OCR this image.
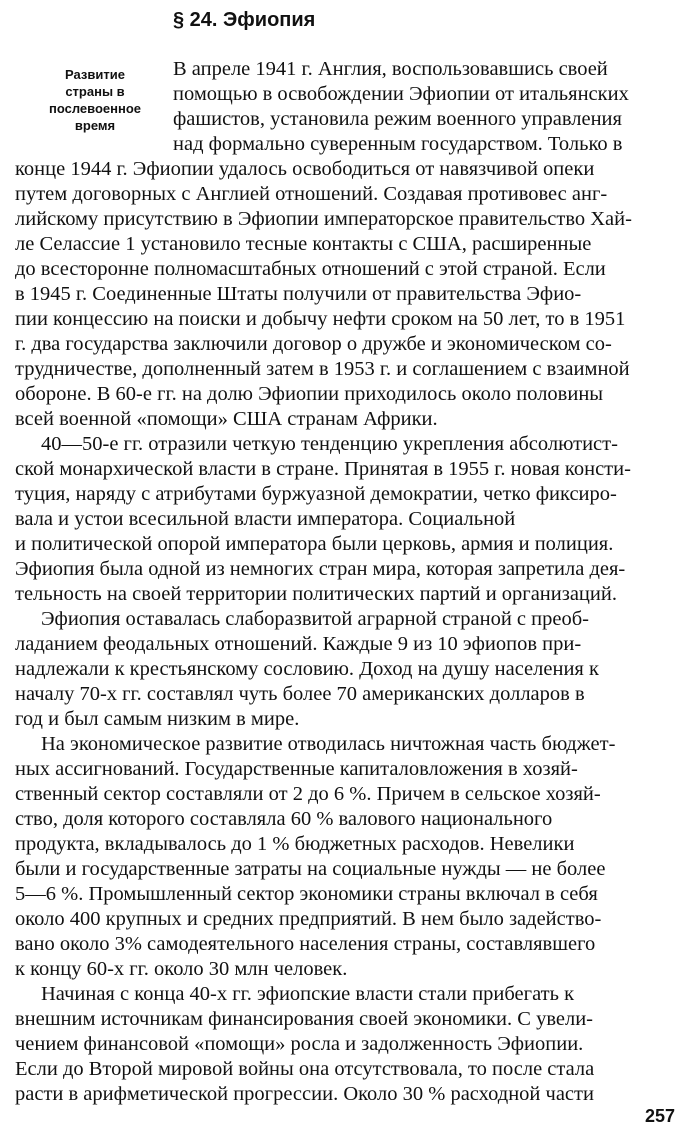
§ 24. Эфиопия
Развитие
страны в
послевоенное
время
В апреле 1941 г. Англия, воспользовавшись своей
помощью в освобождении Эфиопии от итальянских
фашистов, установила режим военного управления
над формально суверенным государством. Только в
конце 1944 г. Эфиопии удалось освободиться от навязчивой опеки
путем договорных с Англией отношений. Создавая противовес анг-
лийскому присутствию в Эфиопии императорское правительство Хай-
ле Селассие 1 установило тесные контакты с США, расширенные
до всесторонне полномасштабных отношений с этой страной. Если
в 1945 г. Соединенные Штаты получили от правительства Эфио-
пии концессию на поиски и добычу нефти сроком на 50 лет, то в 1951
г. два государства заключили договор о дружбе и экономическом со-
трудничестве, дополненный затем в 1953 г. и соглашением с взаимной
обороне. В 60-е гг. на долю Эфиопии приходилось около половины
всей военной «помощи» США странам Африки.
40—50-е гг. отразили четкую тенденцию укрепления абсолютист-
ской монархической власти в стране. Принятая в 1955 г. новая консти-
туция, наряду с атрибутами буржуазной демократии, четко фиксиро-
вала и устои всесильной власти императора. Социальной
и политической опорой императора были церковь, армия и полиция.
Эфиопия была одной из немногих стран мира, которая запретила дея-
тельность на своей территории политических партий и организаций.
Эфиопия оставалась слаборазвитой аграрной страной с преоб-
ладанием феодальных отношений. Каждые 9 из 10 эфиопов при-
надлежали к крестьянскому сословию. Доход на душу населения к
началу 70-х гг. составлял чуть более 70 американских долларов в
год и был самым низким в мире.
На экономическое развитие отводилась ничтожная часть бюджет-
ных ассигнований. Государственные капиталовложения в хозяй-
ственный сектор составляли от 2 до 6 %. Причем в сельское хозяй-
ство, доля которого составляла 60 % валового национального
продукта, вкладывалось до 1 % бюджетных расходов. Невелики
были и государственные затраты на социальные нужды — не более
5—6 %. Промышленный сектор экономики страны включал в себя
около 400 крупных и средних предприятий. В нем было задейство-
вано около 3% самодеятельного населения страны, составлявшего
к концу 60-х гг. около 30 млн человек.
Начиная с конца 40-х гг. эфиопские власти стали прибегать к
внешним источникам финансирования своей экономики. С увели-
чением финансовой «помощи» росла и задолженность Эфиопии.
Если до Второй мировой войны она отсутствовала, то после стала
расти в арифметической прогрессии. Около 30 % расходной части
257
